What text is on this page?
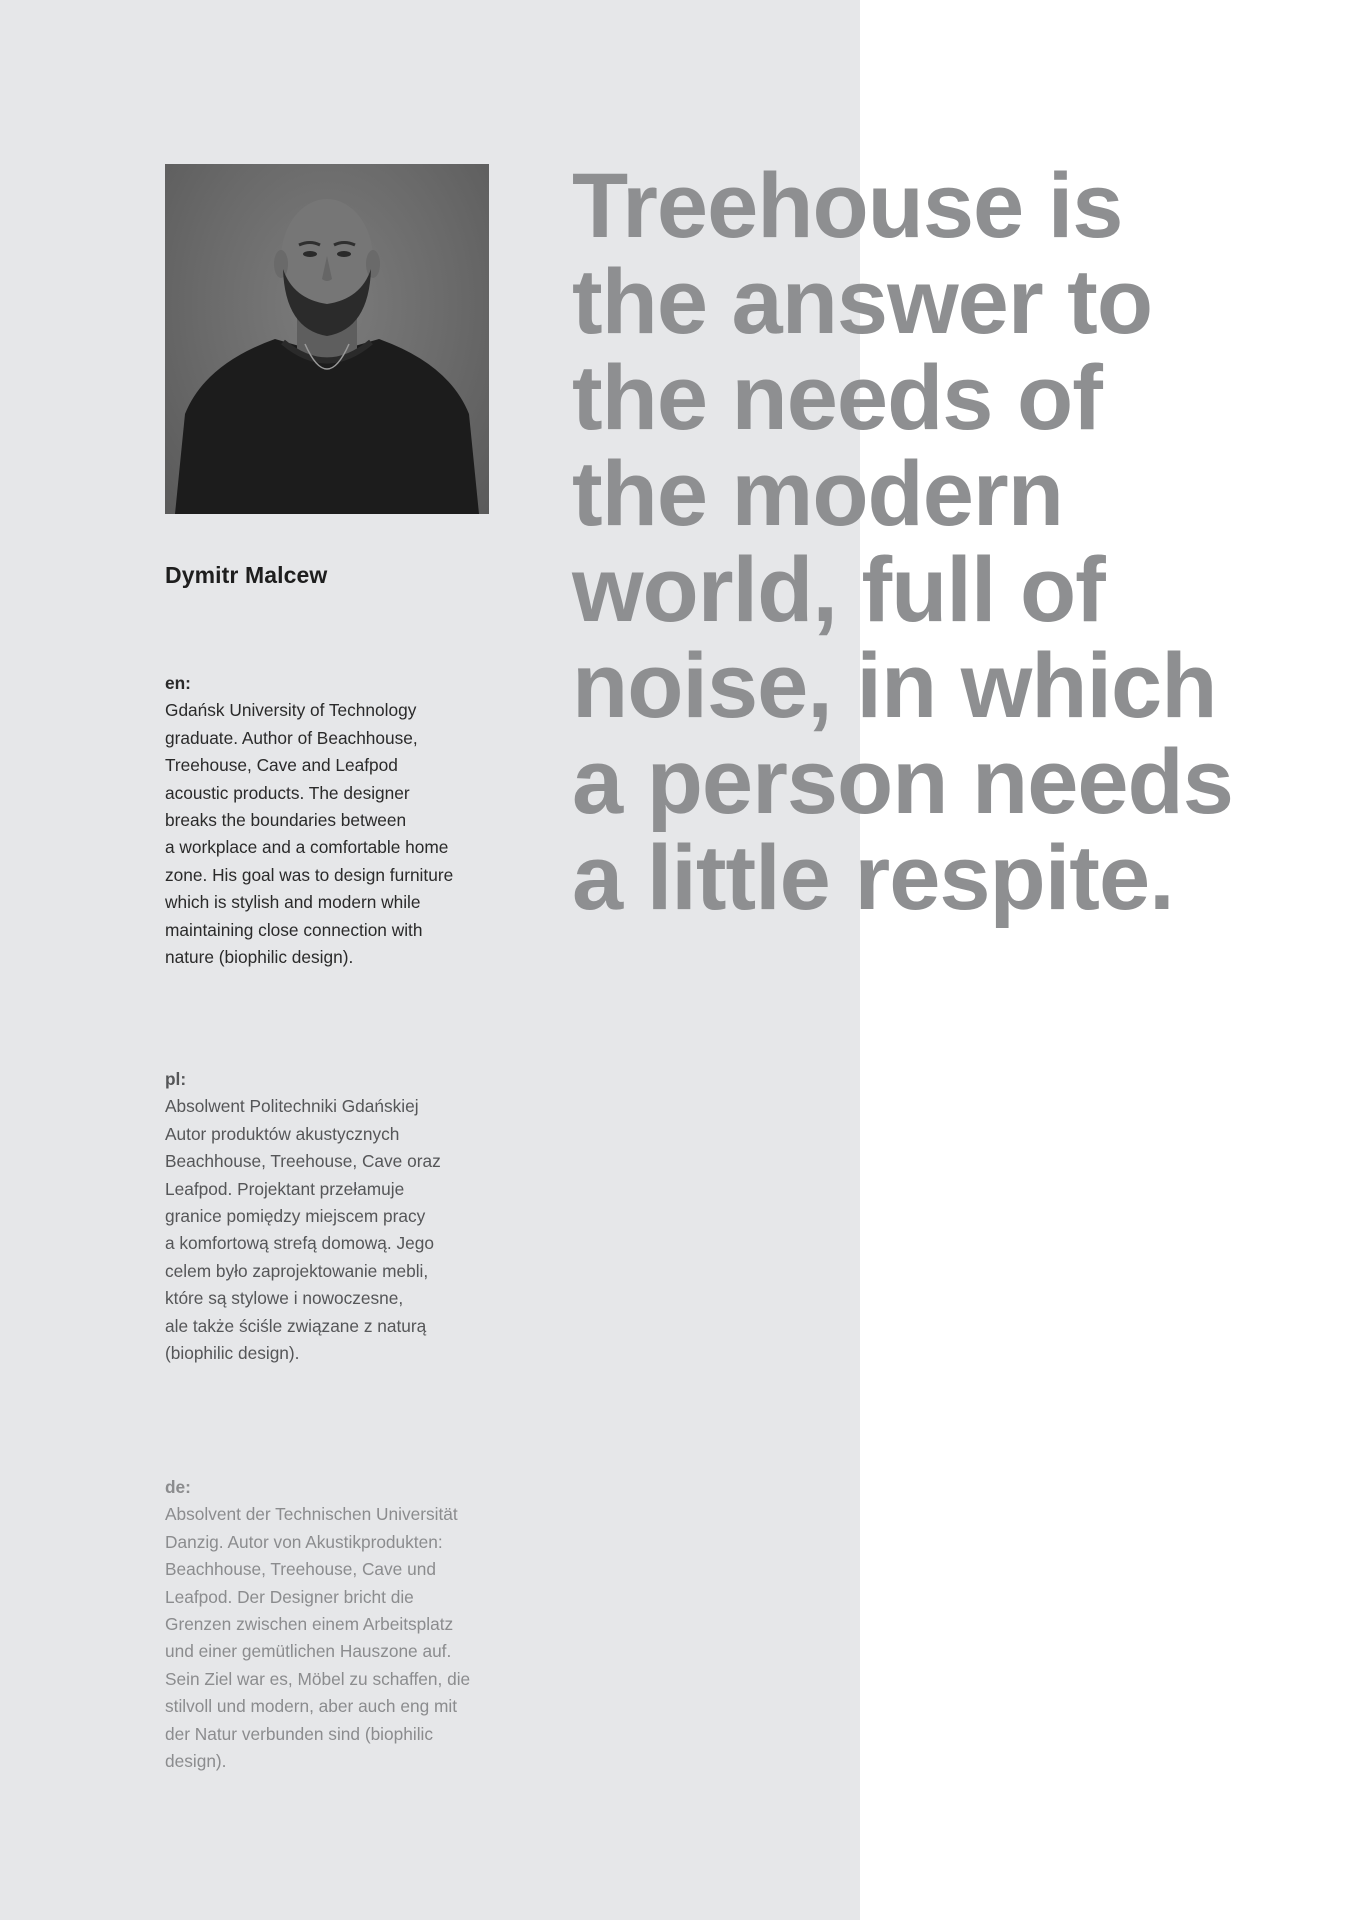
Dymitr Malcew
en:
Gdańsk University of Technology
graduate. Author of Beachhouse,
Treehouse, Cave and Leafpod
acoustic products. The designer
breaks the boundaries between
a workplace and a comfortable home
zone. His goal was to design furniture
which is stylish and modern while
maintaining close connection with
nature (biophilic design).
pl:
Absolwent Politechniki Gdańskiej
Autor produktów akustycznych
Beachhouse, Treehouse, Cave oraz
Leafpod. Projektant przełamuje
granice pomiędzy miejscem pracy
a komfortową strefą domową. Jego
celem było zaprojektowanie mebli,
które są stylowe i nowoczesne,
ale także ściśle związane z naturą
(biophilic design).
de:
Absolvent der Technischen Universität
Danzig. Autor von Akustikprodukten:
Beachhouse, Treehouse, Cave und
Leafpod. Der Designer bricht die
Grenzen zwischen einem Arbeitsplatz
und einer gemütlichen Hauszone auf.
Sein Ziel war es, Möbel zu schaffen, die
stilvoll und modern, aber auch eng mit
der Natur verbunden sind (biophilic
design).
Treehouse is
the answer to
the needs of
the modern
world, full of
noise, in which
a person needs
a little respite.
